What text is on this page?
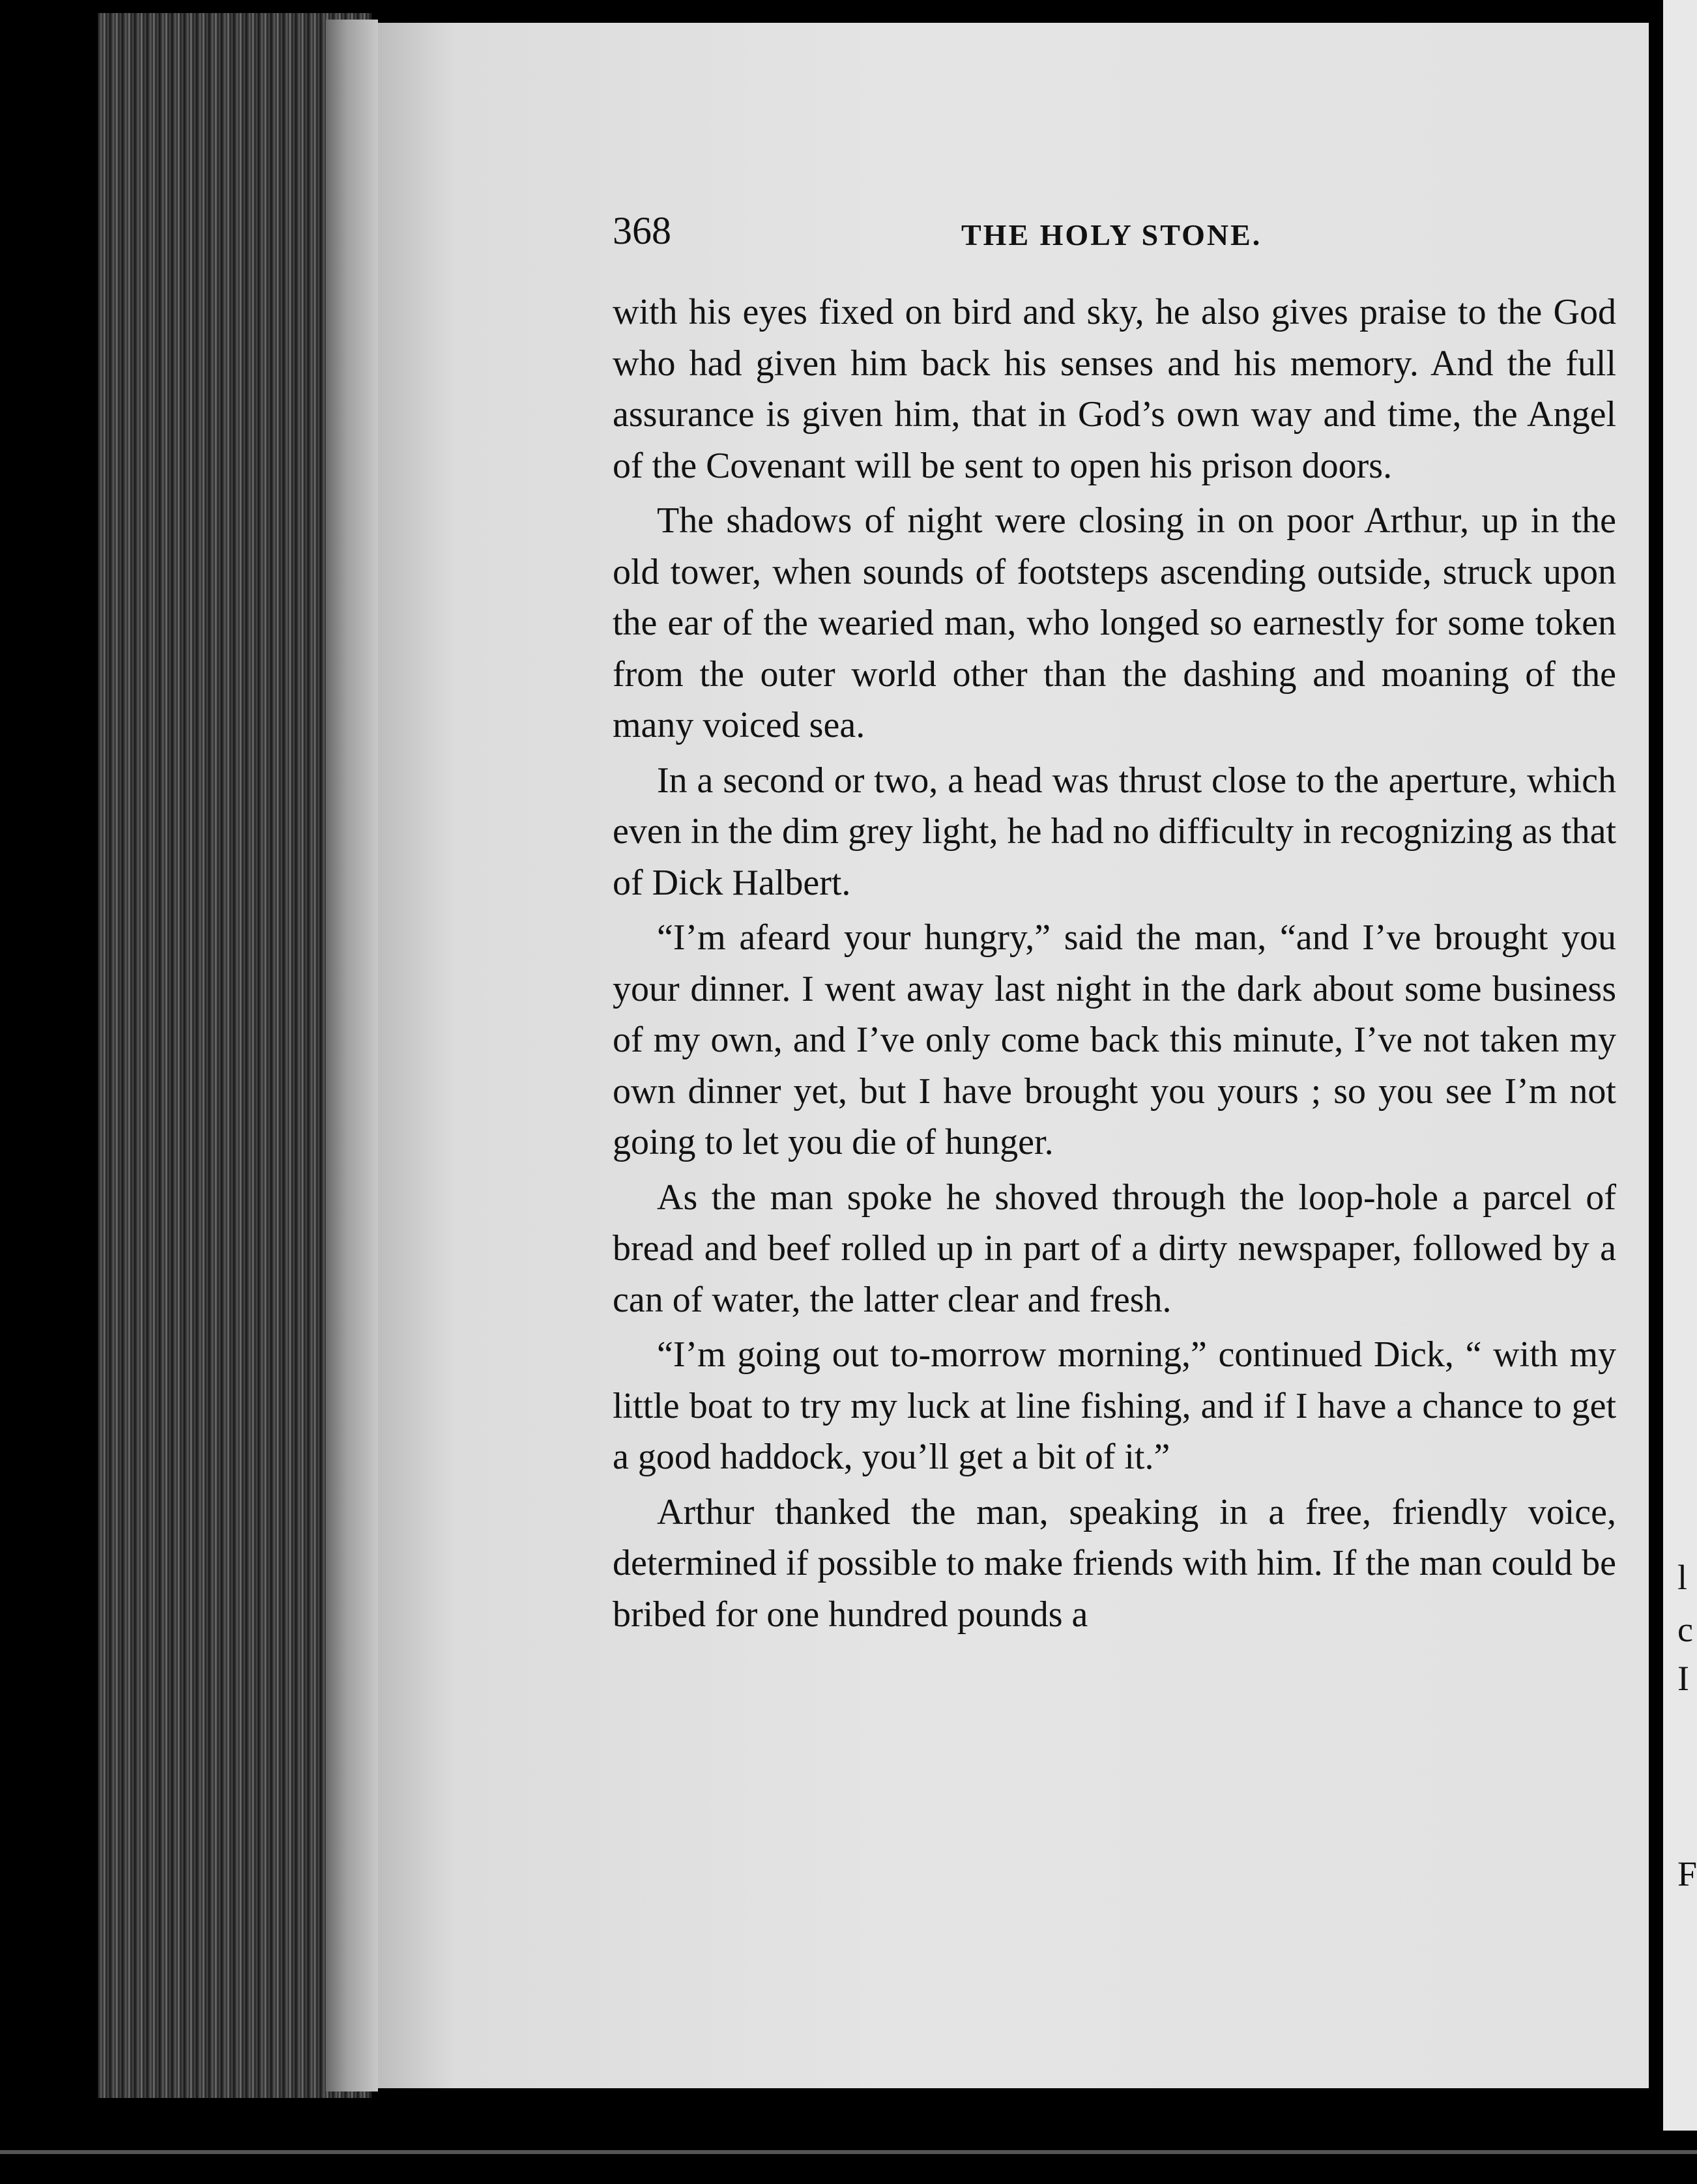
l
c
I
F
368	THE HOLY STONE.

with his eyes fixed on bird and sky, he also gives praise to the God who had given him back his senses and his memory. And the full assurance is given him, that in God’s own way and time, the Angel of the Covenant will be sent to open his prison doors.

The shadows of night were closing in on poor Arthur, up in the old tower, when sounds of footsteps ascending outside, struck upon the ear of the wearied man, who longed so earnestly for some token from the outer world other than the dashing and moaning of the many voiced sea.

In a second or two, a head was thrust close to the aperture, which even in the dim grey light, he had no difficulty in recognizing as that of Dick Halbert.

“I’m afeard your hungry,” said the man, “and I’ve brought you your dinner. I went away last night in the dark about some business of my own, and I’ve only come back this minute, I’ve not taken my own dinner yet, but I have brought you yours ; so you see I’m not going to let you die of hunger.

As the man spoke he shoved through the loop-hole a parcel of bread and beef rolled up in part of a dirty newspaper, followed by a can of water, the latter clear and fresh.

“I’m going out to-morrow morning,” continued Dick, “ with my little boat to try my luck at line fishing, and if I have a chance to get a good haddock, you’ll get a bit of it.”

Arthur thanked the man, speaking in a free, friendly voice, determined if possible to make friends with him. If the man could be bribed for one hundred pounds a
